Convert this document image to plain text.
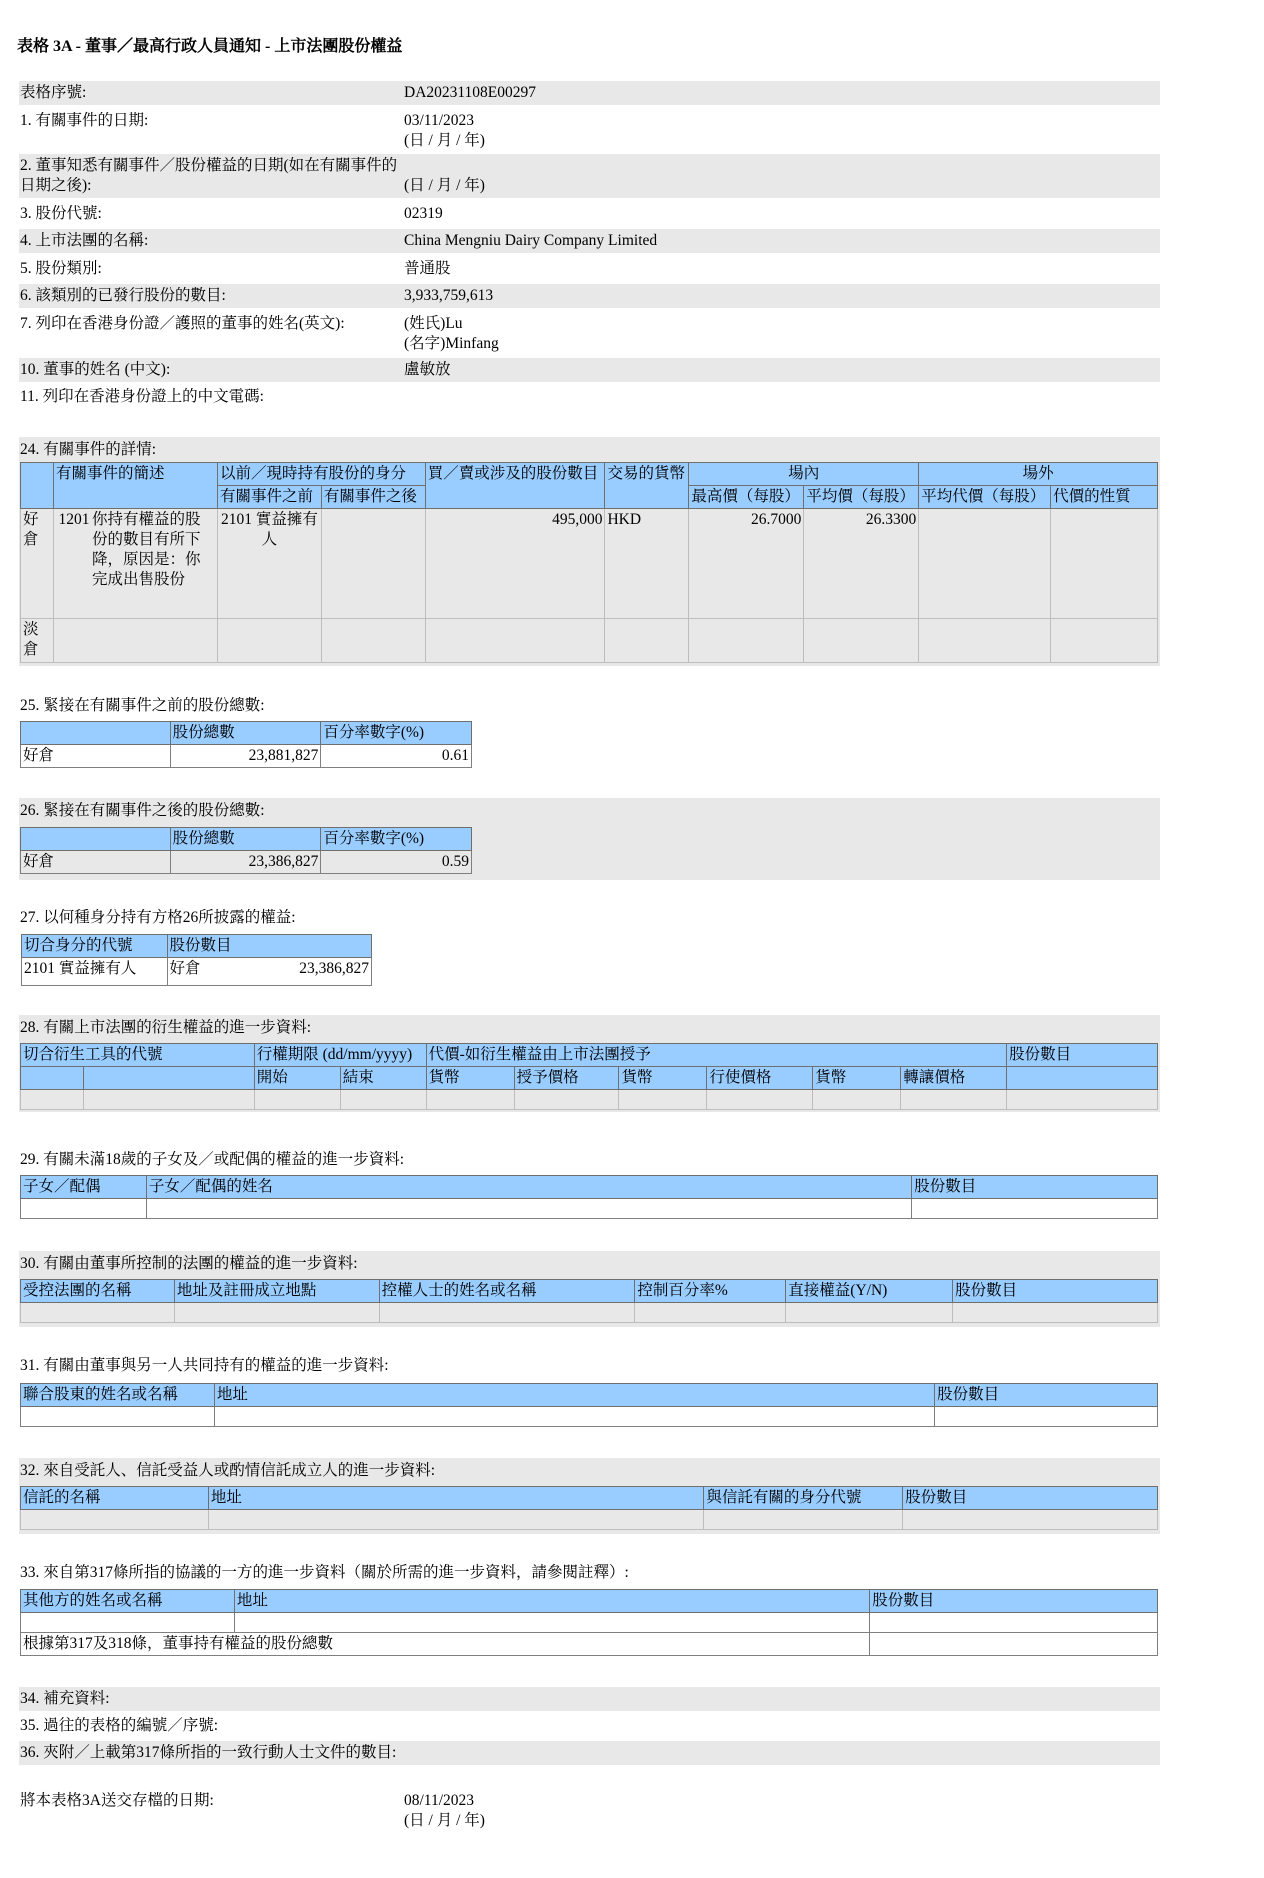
表格 3A - 董事／最高行政人員通知 - 上市法團股份權益
表格序號:	DA20231108E00297
1. 有關事件的日期:	03/11/2023
(日 / 月 / 年)
2. 董事知悉有關事件／股份權益的日期(如在有關事件的日期之後):	(日 / 月 / 年)
3. 股份代號:	02319
4. 上市法團的名稱:	China Mengniu Dairy Company Limited
5. 股份類別:	普通股
6. 該類別的已發行股份的數目:	3,933,759,613
7. 列印在香港身份證／護照的董事的姓名(英文):	(姓氏)Lu
(名字)Minfang
10. 董事的姓名 (中文):	盧敏放
11. 列印在香港身份證上的中文電碼:
24. 有關事件的詳情:
	有關事件的簡述	以前／現時持有股份的身分		買／賣或涉及的股份數目	交易的貨幣	場內		場外	
		有關事件之前	有關事件之後			最高價（每股）	平均價（每股）	平均代價（每股）	代價的性質
好倉	1201 你持有權益的股份的數目有所下降，原因是：你完成出售股份	2101 實益擁有人		495,000	HKD	26.7000	26.3300		
淡倉									
25. 緊接在有關事件之前的股份總數:
	股份總數	百分率數字(%)
好倉	23,881,827	0.61
26. 緊接在有關事件之後的股份總數:
	股份總數	百分率數字(%)
好倉	23,386,827	0.59
27. 以何種身分持有方格26所披露的權益:
切合身分的代號	股份數目
2101 實益擁有人	好倉 23,386,827
28. 有關上市法團的衍生權益的進一步資料:
切合衍生工具的代號		行權期限 (dd/mm/yyyy)		代價-如衍生權益由上市法團授予						股份數目
		開始	結束	貨幣	授予價格	貨幣	行使價格	貨幣	轉讓價格	

29. 有關未滿18歲的子女及／或配偶的權益的進一步資料:
子女／配偶	子女／配偶的姓名	股份數目

30. 有關由董事所控制的法團的權益的進一步資料:
受控法團的名稱	地址及註冊成立地點	控權人士的姓名或名稱	控制百分率%	直接權益(Y/N)	股份數目

31. 有關由董事與另一人共同持有的權益的進一步資料:
聯合股東的姓名或名稱	地址	股份數目

32. 來自受託人、信託受益人或酌情信託成立人的進一步資料:
信託的名稱	地址	與信託有關的身分代號	股份數目

33. 來自第317條所指的協議的一方的進一步資料（關於所需的進一步資料，請參閱註釋）:
其他方的姓名或名稱	地址	股份數目

根據第317及318條，董事持有權益的股份總數		
34. 補充資料:
35. 過往的表格的編號／序號:
36. 夾附／上載第317條所指的一致行動人士文件的數目:
將本表格3A送交存檔的日期:	08/11/2023
(日 / 月 / 年)
